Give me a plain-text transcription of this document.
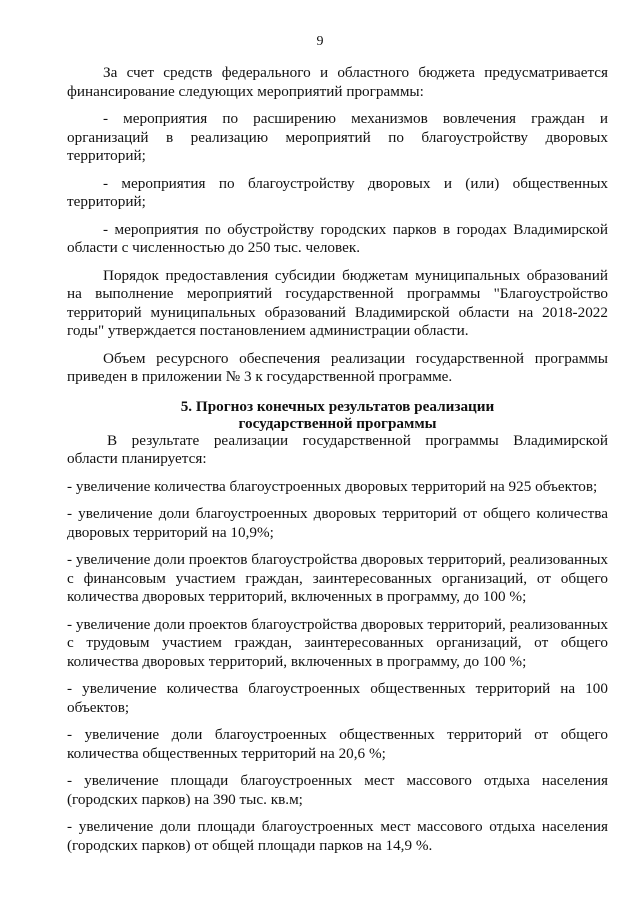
9

За счет средств федерального и областного бюджета предусматривается финансирование следующих мероприятий программы:

- мероприятия по расширению механизмов вовлечения граждан и организаций в реализацию мероприятий по благоустройству дворовых территорий;

- мероприятия по благоустройству дворовых и (или) общественных территорий;

- мероприятия по обустройству городских парков в городах Владимирской области с численностью до 250 тыс. человек.

Порядок предоставления субсидии бюджетам муниципальных образований на выполнение мероприятий государственной программы "Благоустройство территорий муниципальных образований Владимирской области на 2018-2022 годы" утверждается постановлением администрации области.

Объем ресурсного обеспечения реализации государственной программы приведен в приложении № 3 к государственной программе.

5. Прогноз конечных результатов реализации
государственной программы

В результате реализации государственной программы Владимирской области планируется:

- увеличение количества благоустроенных дворовых территорий на 925 объектов;

- увеличение доли благоустроенных дворовых территорий от общего количества дворовых территорий на 10,9%;

- увеличение доли проектов благоустройства дворовых территорий, реализованных с финансовым участием граждан, заинтересованных организаций, от общего количества дворовых территорий, включенных в программу, до 100 %;

- увеличение доли проектов благоустройства дворовых территорий, реализованных с трудовым участием граждан, заинтересованных организаций, от общего количества дворовых территорий, включенных в программу, до 100 %;

- увеличение количества благоустроенных общественных территорий на 100 объектов;

- увеличение доли благоустроенных общественных территорий от общего количества общественных территорий на 20,6 %;

- увеличение площади благоустроенных мест массового отдыха населения (городских парков) на 390 тыс. кв.м;

- увеличение доли площади благоустроенных мест массового отдыха населения (городских парков) от общей площади парков на 14,9 %.
